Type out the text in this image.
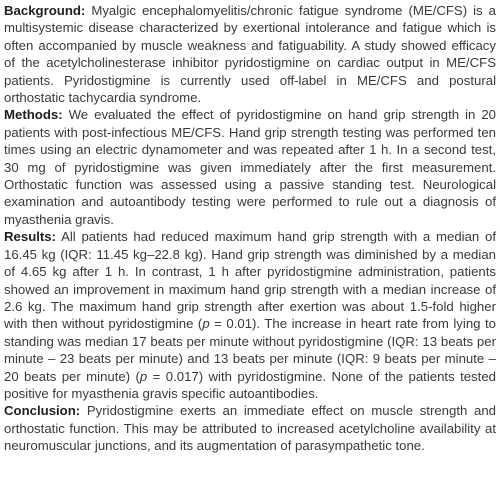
Background: Myalgic encephalomyelitis/chronic fatigue syndrome (ME/CFS) is a multisystemic disease characterized by exertional intolerance and fatigue which is often accompanied by muscle weakness and fatiguability. A study showed efficacy of the acetylcholinesterase inhibitor pyridostigmine on cardiac output in ME/CFS patients. Pyridostigmine is currently used off-label in ME/CFS and postural orthostatic tachycardia syndrome.

Methods: We evaluated the effect of pyridostigmine on hand grip strength in 20 patients with post-infectious ME/CFS. Hand grip strength testing was performed ten times using an electric dynamometer and was repeated after 1 h. In a second test, 30 mg of pyridostigmine was given immediately after the first measurement. Orthostatic function was assessed using a passive standing test. Neurological examination and autoantibody testing were performed to rule out a diagnosis of myasthenia gravis.

Results: All patients had reduced maximum hand grip strength with a median of 16.45 kg (IQR: 11.45 kg–22.8 kg). Hand grip strength was diminished by a median of 4.65 kg after 1 h. In contrast, 1 h after pyridostigmine administration, patients showed an improvement in maximum hand grip strength with a median increase of 2.6 kg. The maximum hand grip strength after exertion was about 1.5-fold higher with then without pyridostigmine (p = 0.01). The increase in heart rate from lying to standing was median 17 beats per minute without pyridostigmine (IQR: 13 beats per minute – 23 beats per minute) and 13 beats per minute (IQR: 9 beats per minute – 20 beats per minute) (p = 0.017) with pyridostigmine. None of the patients tested positive for myasthenia gravis specific autoantibodies.

Conclusion: Pyridostigmine exerts an immediate effect on muscle strength and orthostatic function. This may be attributed to increased acetylcholine availability at neuromuscular junctions, and its augmentation of parasympathetic tone.
